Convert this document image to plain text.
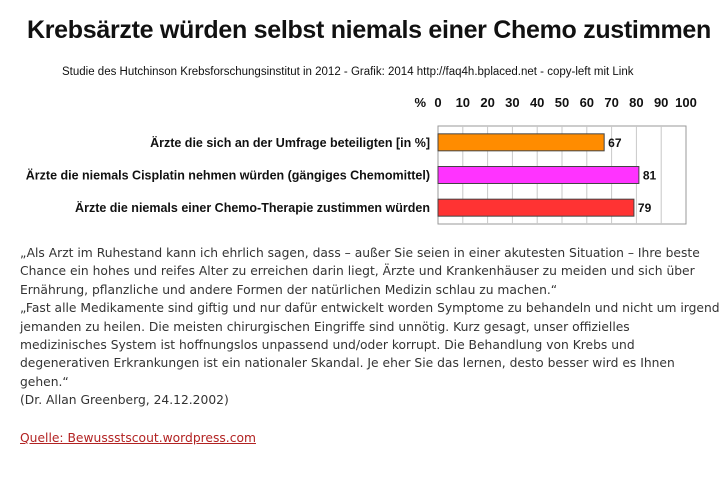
Krebsärzte würden selbst niemals einer Chemo zustimmen
Studie des Hutchinson Krebsforschungsinstitut in 2012 - Grafik: 2014 http://faq4h.bplaced.net - copy-left mit Link
0 10 20 30 40 50 60 70 80 90 100
%
Ärzte die sich an der Umfrage beteiligten [in %]	67
Ärzte die niemals Cisplatin nehmen würden (gängiges Chemomittel)	81
Ärzte die niemals einer Chemo-Therapie zustimmen würden	79

„Als Arzt im Ruhestand kann ich ehrlich sagen, dass – außer Sie seien in einer akutesten Situation – Ihre beste Chance ein hohes und reifes Alter zu erreichen darin liegt, Ärzte und Krankenhäuser zu meiden und sich über Ernährung, pflanzliche und andere Formen der natürlichen Medizin schlau zu machen.“

„Fast alle Medikamente sind giftig und nur dafür entwickelt worden Symptome zu behandeln und nicht um irgend jemanden zu heilen. Die meisten chirurgischen Eingriffe sind unnötig. Kurz gesagt, unser offizielles medizinisches System ist hoffnungslos unpassend und/oder korrupt. Die Behandlung von Krebs und degenerativen Erkrankungen ist ein nationaler Skandal. Je eher Sie das lernen, desto besser wird es Ihnen gehen.“

(Dr. Allan Greenberg, 24.12.2002)

Quelle: Bewussstscout.wordpress.com
